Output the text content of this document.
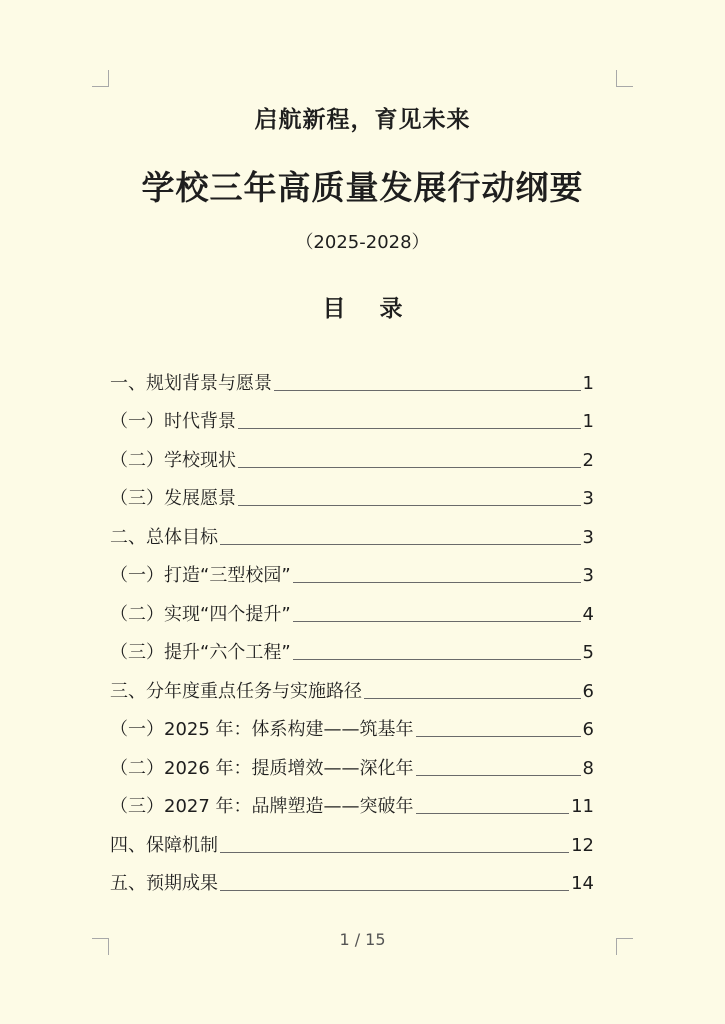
启航新程，育见未来
学校三年高质量发展行动纲要
（2025-2028）
目录
一、规划背景与愿景	1
（一）时代背景	1
（二）学校现状	2
（三）发展愿景	3
二、总体目标	3
（一）打造“三型校园”	3
（二）实现“四个提升”	4
（三）提升“六个工程”	5
三、分年度重点任务与实施路径	6
（一）2025 年：体系构建——筑基年	6
（二）2026 年：提质增效——深化年	8
（三）2027 年：品牌塑造——突破年	11
四、保障机制	12
五、预期成果	14
1 / 15
